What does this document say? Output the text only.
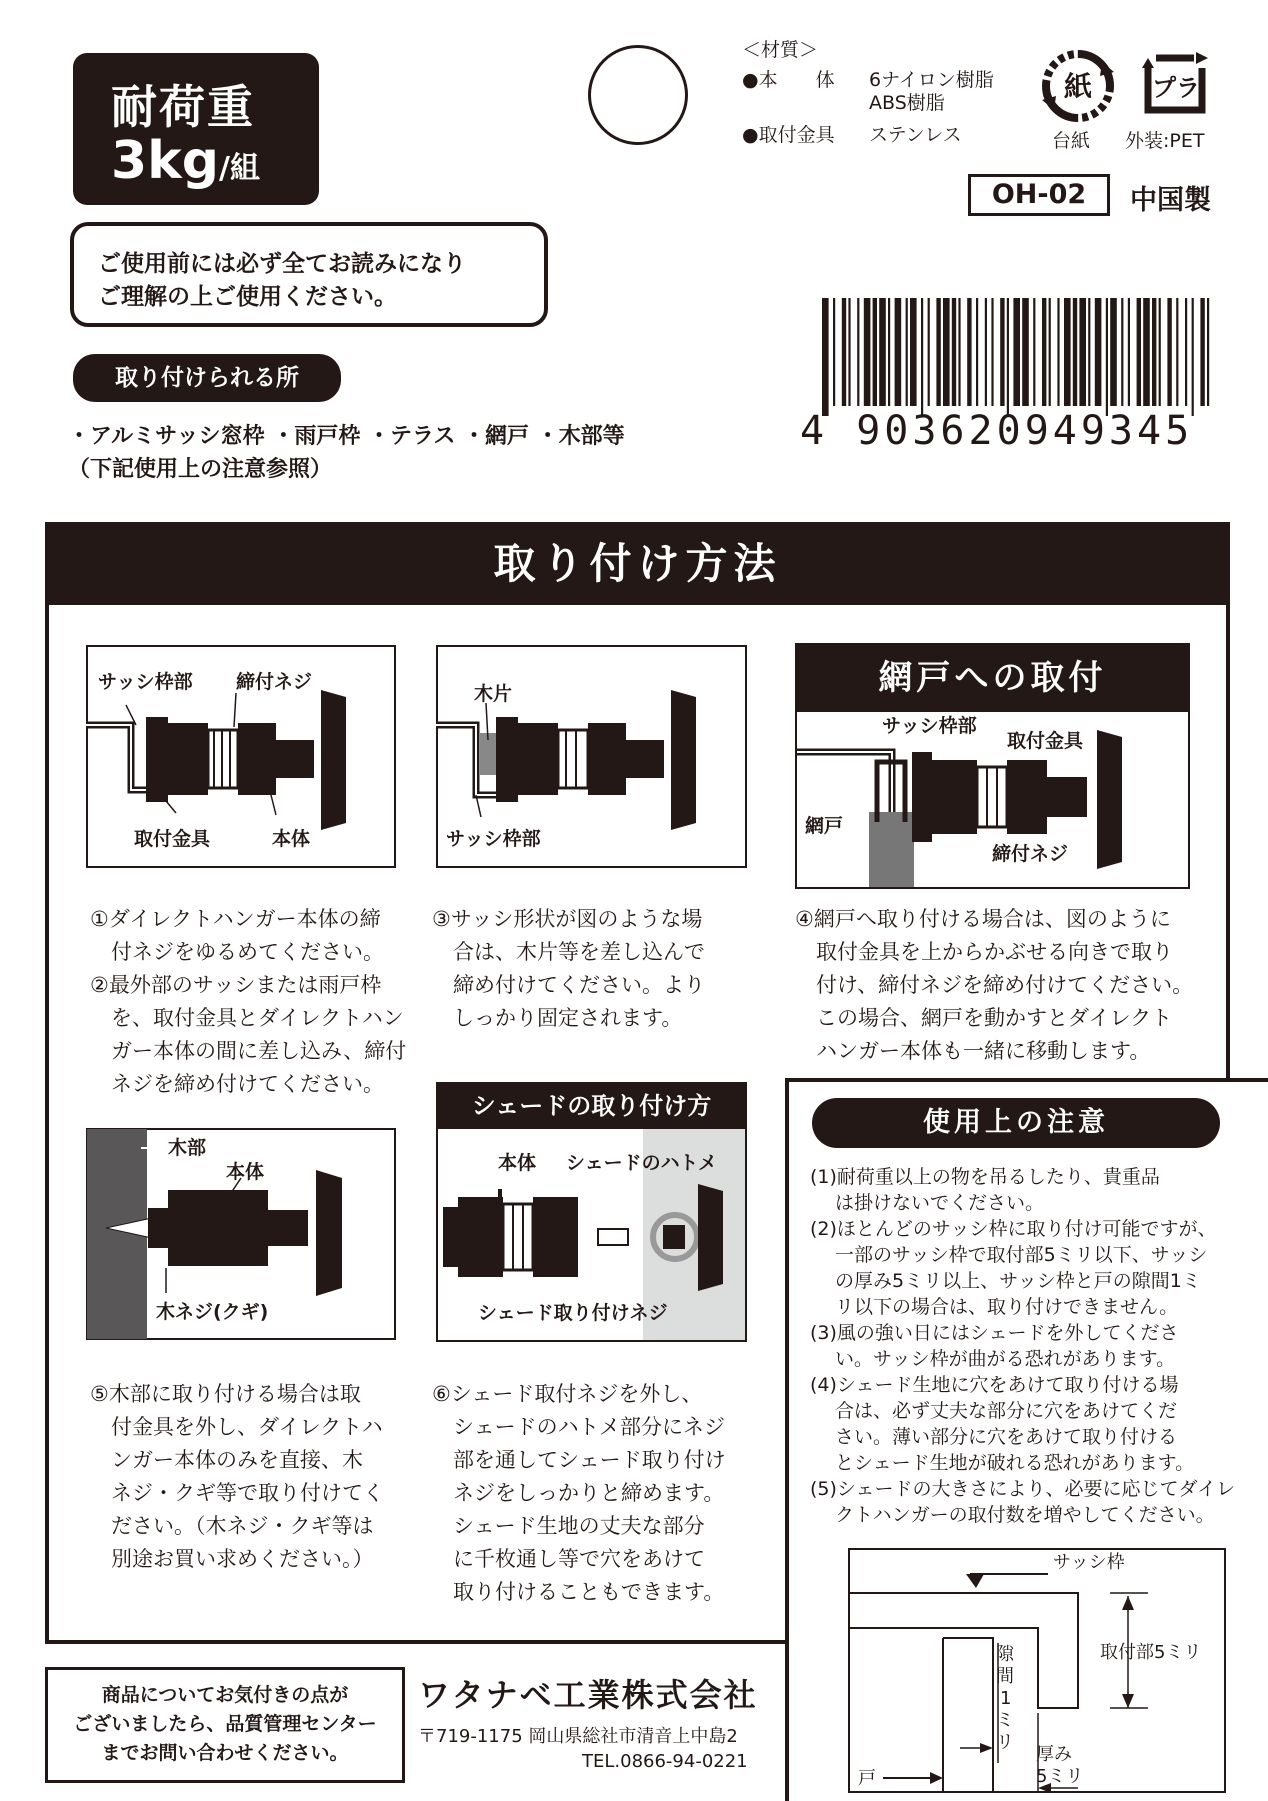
耐荷重
3kg/組
＜材質＞
●本　　体 6ナイロン樹脂
ABS樹脂
●取付金具 ステンレス
紙
台紙
プラ
外装:PET
OH-02	中国製
4 903620949345
ご使用前には必ず全てお読みになり
ご理解の上ご使用ください。
取り付けられる所
・アルミサッシ窓枠 ・雨戸枠 ・テラス ・網戸 ・木部等
（下記使用上の注意参照）
取り付け方法
サッシ枠部 締付ネジ
取付金具	本体
木片
サッシ枠部
網戸への取付
サッシ枠部
取付金具
網戸
締付ネジ
①ダイレクトハンガー本体の締
　付ネジをゆるめてください。
②最外部のサッシまたは雨戸枠
　を、取付金具とダイレクトハン
　ガー本体の間に差し込み、締付
　ネジを締め付けてください。
③サッシ形状が図のような場
　合は、木片等を差し込んで
　締め付けてください。より
　しっかり固定されます。
④網戸へ取り付ける場合は、図のように
　取付金具を上からかぶせる向きで取り
　付け、締付ネジを締め付けてください。
　この場合、網戸を動かすとダイレクト
　ハンガー本体も一緒に移動します。
木部
本体
木ネジ(クギ)
シェードの取り付け方
本体 シェードのハトメ
シェード取り付けネジ
⑤木部に取り付ける場合は取
　付金具を外し、ダイレクトハ
　ンガー本体のみを直接、木
　ネジ・クギ等で取り付けてく
　ださい。（木ネジ・クギ等は
　別途お買い求めください。）
⑥シェード取付ネジを外し、
　シェードのハトメ部分にネジ
　部を通してシェード取り付け
　ネジをしっかりと締めます。
　シェード生地の丈夫な部分
　に千枚通し等で穴をあけて
　取り付けることもできます。
使用上の注意
(1)耐荷重以上の物を吊るしたり、貴重品
　 は掛けないでください。
(2)ほとんどのサッシ枠に取り付け可能ですが、
　 一部のサッシ枠で取付部5ミリ以下、サッシ
　 の厚み5ミリ以上、サッシ枠と戸の隙間1ミ
　 リ以下の場合は、取り付けできません。
(3)風の強い日にはシェードを外してくださ
　 い。サッシ枠が曲がる恐れがあります。
(4)シェード生地に穴をあけて取り付ける場
　 合は、必ず丈夫な部分に穴をあけてくだ
　 さい。薄い部分に穴をあけて取り付ける
　 とシェード生地が破れる恐れがあります。
(5)シェードの大きさにより、必要に応じてダイレ
　 クトハンガーの取付数を増やしてください。
サッシ枠
隙
間
1
ミ
リ
取付部5ミリ
戸
厚み
5ミリ
商品についてお気付きの点が
ございましたら、品質管理センター
までお問い合わせください。
ワタナベ工業株式会社
〒719-1175 岡山県総社市清音上中島2
TEL.0866-94-0221
